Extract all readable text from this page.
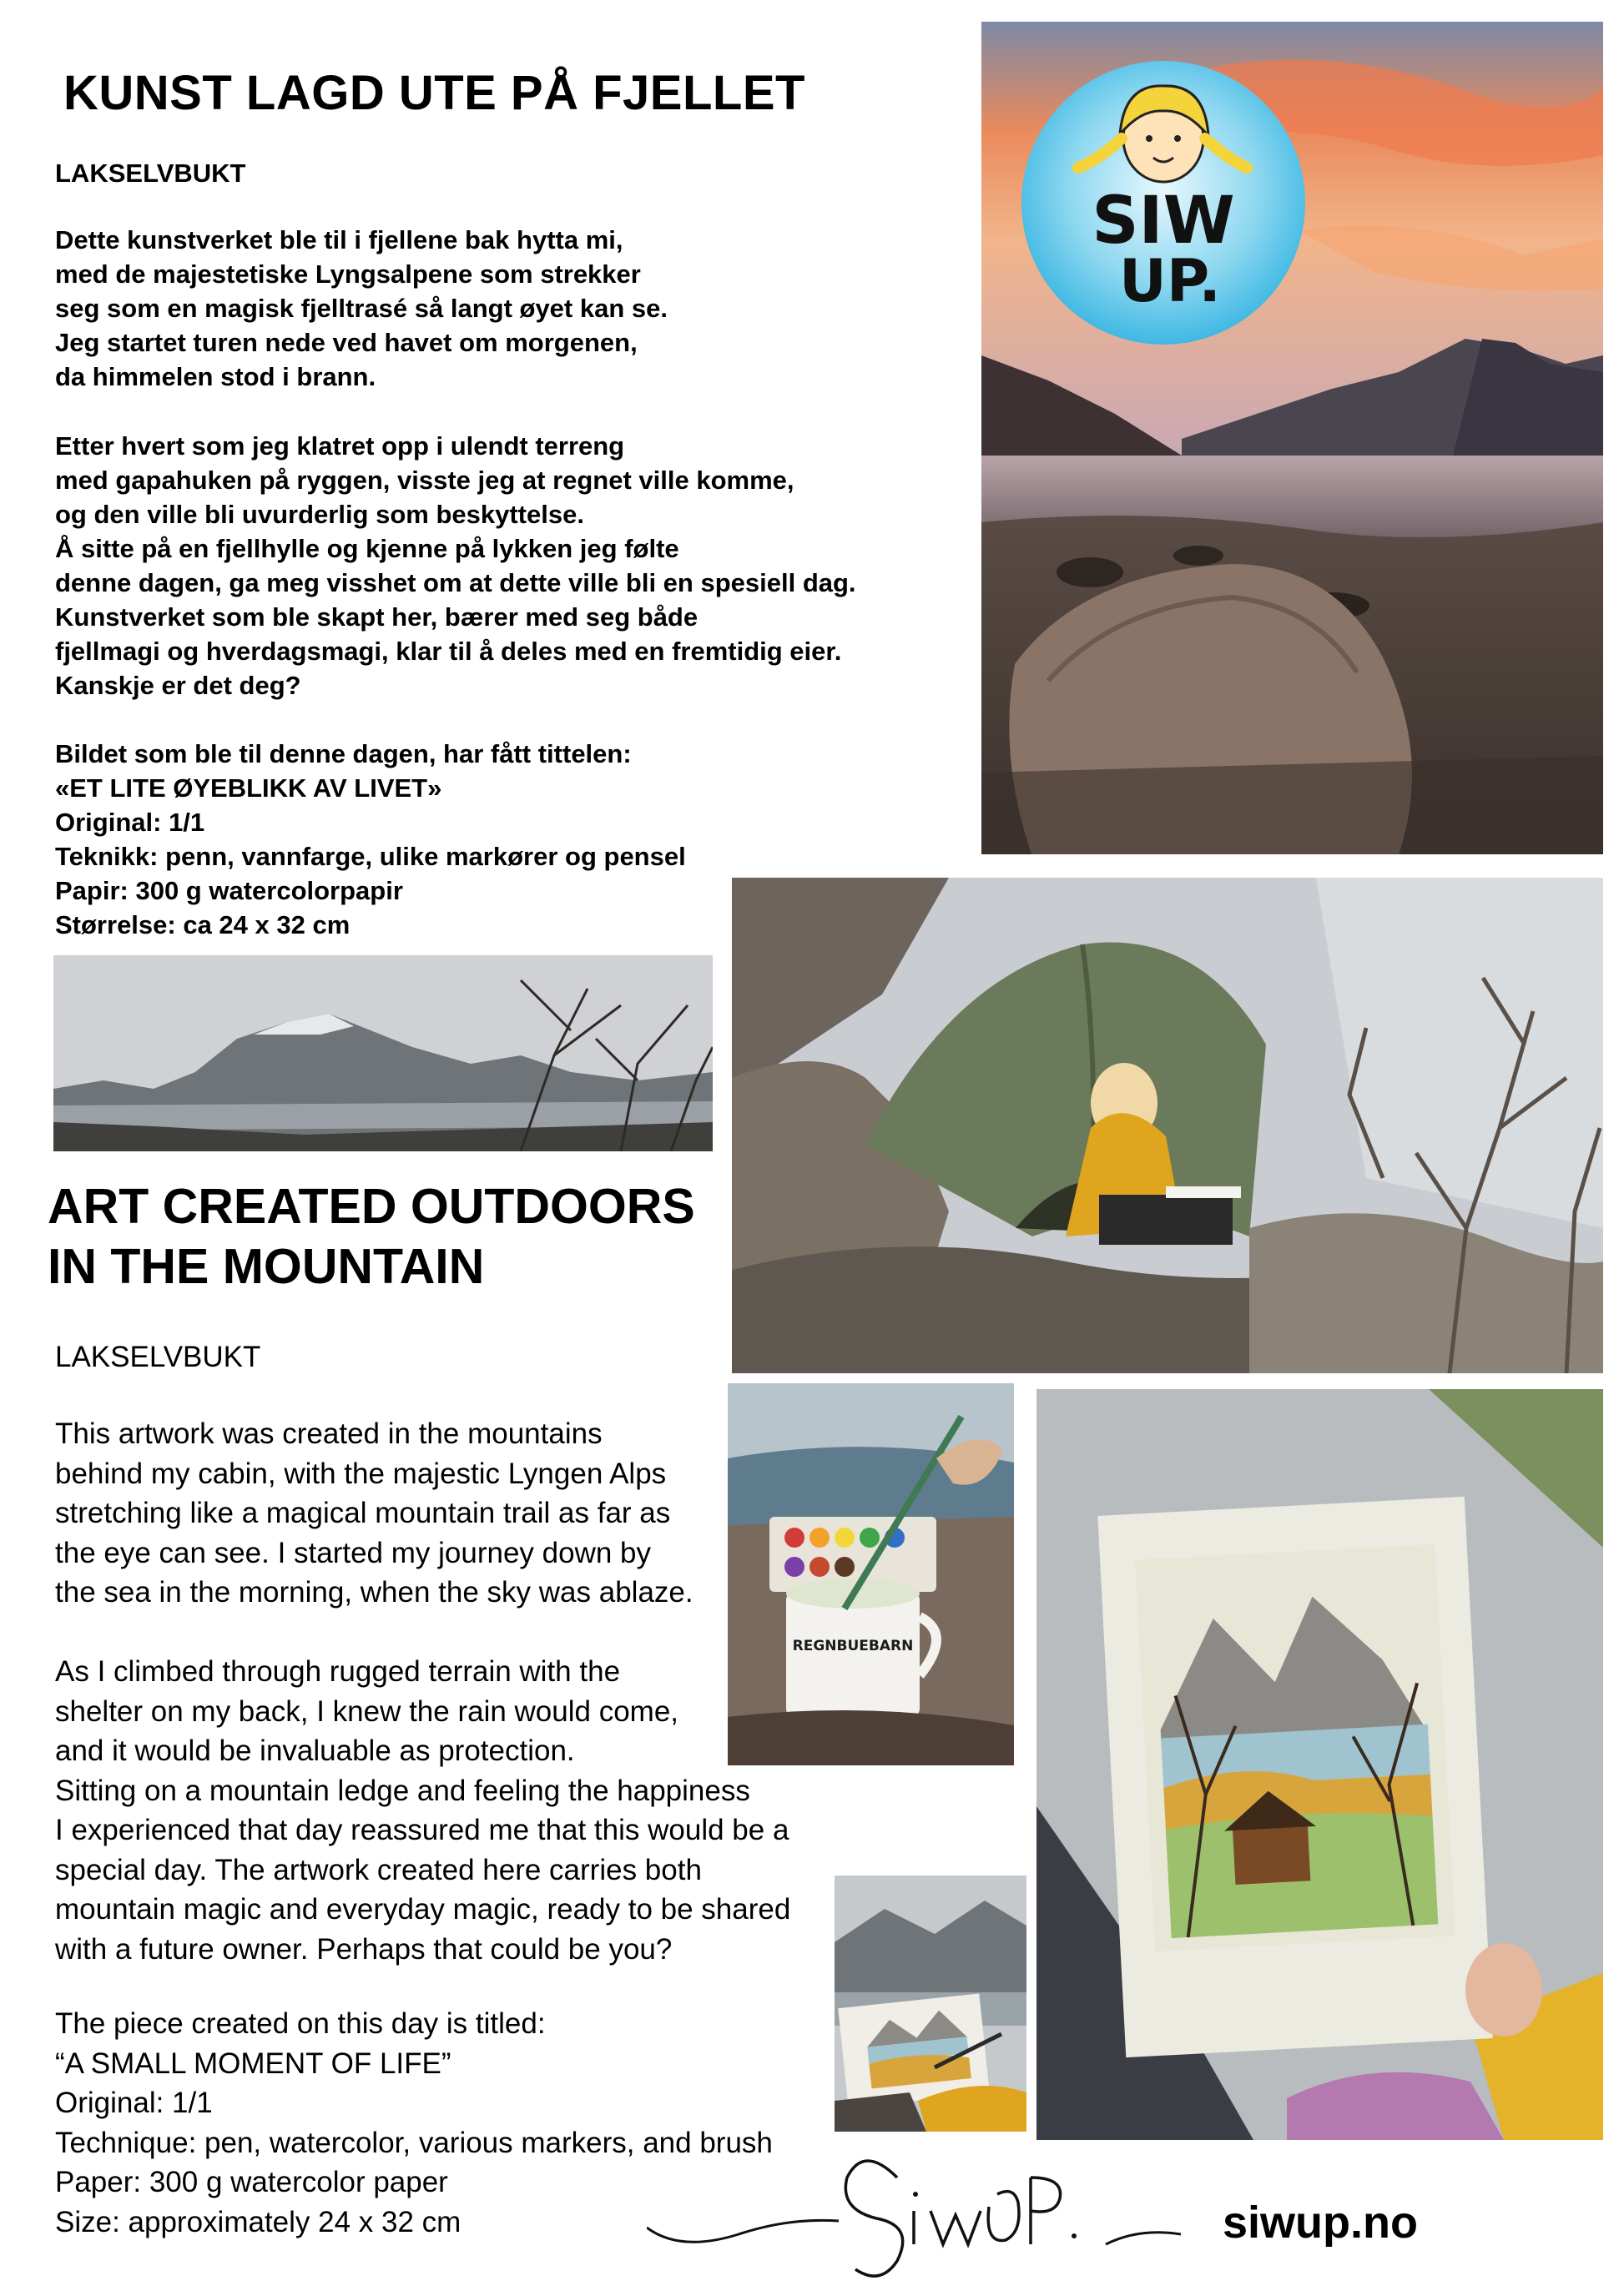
KUNST LAGD UTE PÅ FJELLET
LAKSELVBUKT
Dette kunstverket ble til i fjellene bak hytta mi,
med de majestetiske Lyngsalpene som strekker
seg som en magisk fjelltrasé så langt øyet kan se.
Jeg startet turen nede ved havet om morgenen,
da himmelen stod i brann.
Etter hvert som jeg klatret opp i ulendt terreng
med gapahuken på ryggen, visste jeg at regnet ville komme,
og den ville bli uvurderlig som beskyttelse.
Å sitte på en fjellhylle og kjenne på lykken jeg følte
denne dagen, ga meg visshet om at dette ville bli en spesiell dag.
Kunstverket som ble skapt her, bærer med seg både
fjellmagi og hverdagsmagi, klar til å deles med en fremtidig eier.
Kanskje er det deg?
Bildet som ble til denne dagen, har fått tittelen:
«ET LITE ØYEBLIKK AV LIVET»
Original: 1/1
Teknikk: penn, vannfarge, ulike markører og pensel
Papir: 300 g watercolorpapir
Størrelse: ca 24 x 32 cm
ART CREATED OUTDOORS
IN THE MOUNTAIN
LAKSELVBUKT
This artwork was created in the mountains
behind my cabin, with the majestic Lyngen Alps
stretching like a magical mountain trail as far as
the eye can see. I started my journey down by
the sea in the morning, when the sky was ablaze.
As I climbed through rugged terrain with the
shelter on my back, I knew the rain would come,
and it would be invaluable as protection.
Sitting on a mountain ledge and feeling the happiness
I experienced that day reassured me that this would be a
special day. The artwork created here carries both
mountain magic and everyday magic, ready to be shared
with a future owner. Perhaps that could be you?
The piece created on this day is titled:
“A SMALL MOMENT OF LIFE”
Original: 1/1
Technique: pen, watercolor, various markers, and brush
Paper: 300 g watercolor paper
Size: approximately 24 x 32 cm
SIW
UP.
REGNBUEBARN
siwup.no
